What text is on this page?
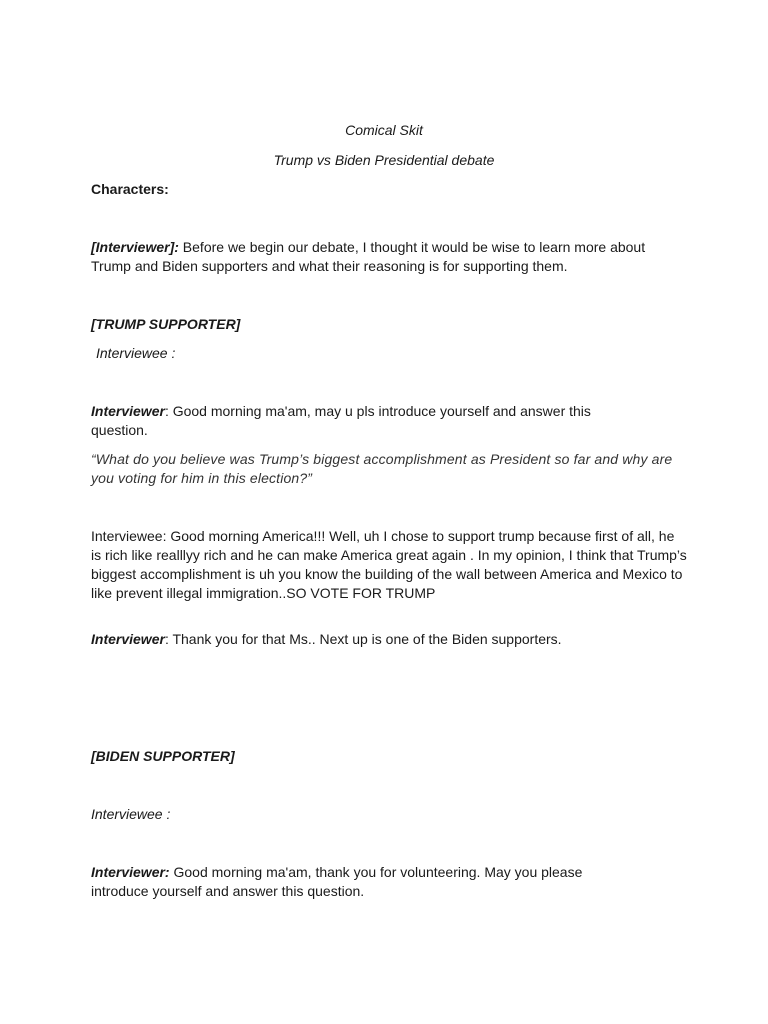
Comical Skit

Trump vs Biden Presidential debate

Characters:

[Interviewer]: Before we begin our debate, I thought it would be wise to learn more about Trump and Biden supporters and what their reasoning is for supporting them.

[TRUMP SUPPORTER]

Interviewee :

Interviewer: Good morning ma'am, may u pls introduce yourself and answer this question.

“What do you believe was Trump’s biggest accomplishment as President so far and why are you voting for him in this election?”

Interviewee: Good morning America!!! Well, uh I chose to support trump because first of all, he is rich like realllyy rich and he can make America great again . In my opinion, I think that Trump’s biggest accomplishment is uh you know the building of the wall between America and Mexico to like prevent illegal immigration..SO VOTE FOR TRUMP

Interviewer: Thank you for that Ms.. Next up is one of the Biden supporters.

[BIDEN SUPPORTER]

Interviewee :

Interviewer: Good morning ma'am, thank you for volunteering. May you please introduce yourself and answer this question.
